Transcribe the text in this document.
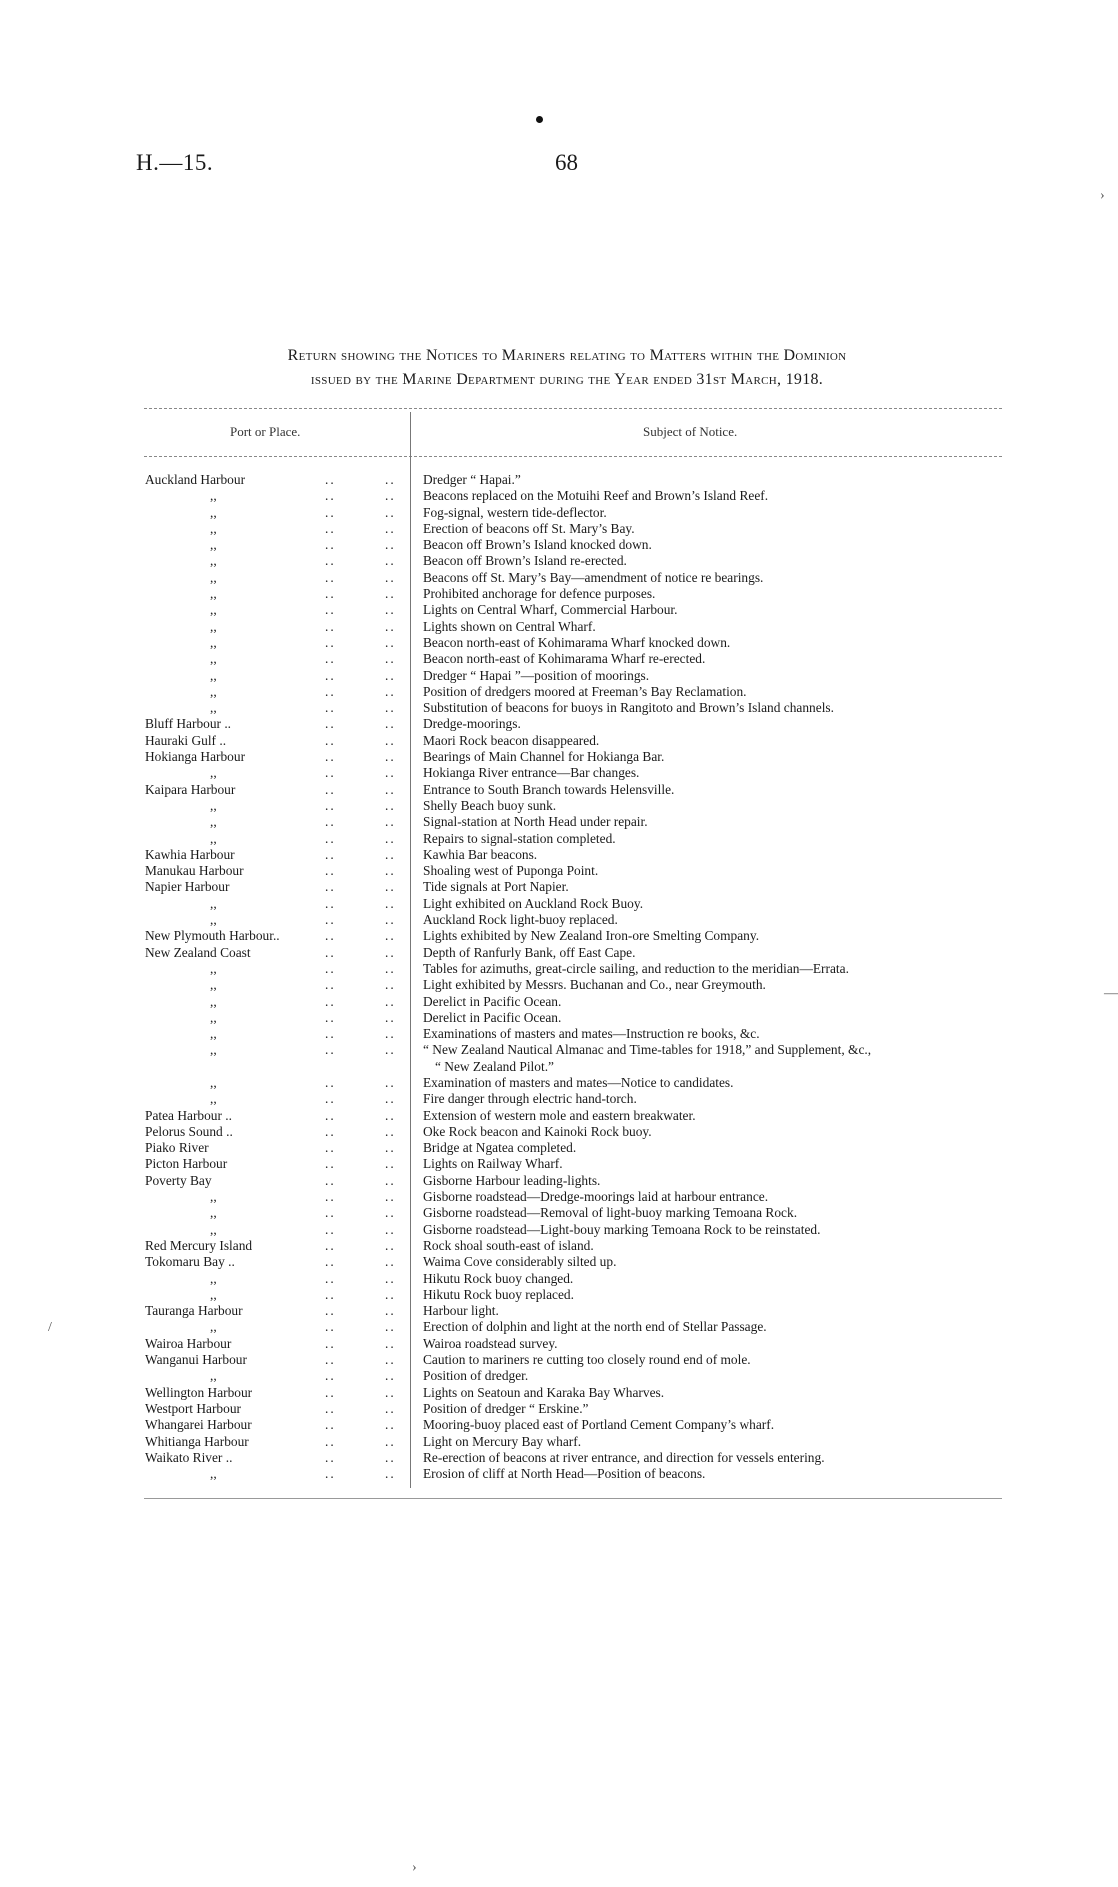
H.—15.	68
Return showing the Notices to Mariners relating to Matters within the Dominion
issued by the Marine Department during the Year ended 31st March, 1918.
Port or Place.	Subject of Notice.
Auckland Harbour	..	.. Dredger “ Hapai.”
,,	..	.. Beacons replaced on the Motuihi Reef and Brown’s Island Reef.
,,	..	.. Fog-signal, western tide-deflector.
,,	..	.. Erection of beacons off St. Mary’s Bay.
,,	..	.. Beacon off Brown’s Island knocked down.
,,	..	.. Beacon off Brown’s Island re-erected.
,,	..	.. Beacons off St. Mary’s Bay—amendment of notice re bearings.
,,	..	.. Prohibited anchorage for defence purposes.
,,	..	.. Lights on Central Wharf, Commercial Harbour.
,,	..	.. Lights shown on Central Wharf.
,,	..	.. Beacon north-east of Kohimarama Wharf knocked down.
,,	..	.. Beacon north-east of Kohimarama Wharf re-erected.
,,	..	.. Dredger “ Hapai ”—position of moorings.
,,	..	.. Position of dredgers moored at Freeman’s Bay Reclamation.
,,	..	.. Substitution of beacons for buoys in Rangitoto and Brown’s Island channels.
Bluff Harbour ..	..	.. Dredge-moorings.
Hauraki Gulf ..	..	.. Maori Rock beacon disappeared.
Hokianga Harbour	..	.. Bearings of Main Channel for Hokianga Bar.
,,	..	.. Hokianga River entrance—Bar changes.
Kaipara Harbour	..	.. Entrance to South Branch towards Helensville.
,,	..	.. Shelly Beach buoy sunk.
,,	..	.. Signal-station at North Head under repair.
,,	..	.. Repairs to signal-station completed.
Kawhia Harbour	..	.. Kawhia Bar beacons.
Manukau Harbour	..	.. Shoaling west of Puponga Point.
Napier Harbour	..	.. Tide signals at Port Napier.
,,	..	.. Light exhibited on Auckland Rock Buoy.
,,	..	.. Auckland Rock light-buoy replaced.
New Plymouth Harbour..	..	.. Lights exhibited by New Zealand Iron-ore Smelting Company.
New Zealand Coast	..	.. Depth of Ranfurly Bank, off East Cape.
,,	..	.. Tables for azimuths, great-circle sailing, and reduction to the meridian—Errata.
,,	..	.. Light exhibited by Messrs. Buchanan and Co., near Greymouth.
,,	..	.. Derelict in Pacific Ocean.
,,	..	.. Derelict in Pacific Ocean.
,,	..	.. Examinations of masters and mates—Instruction re books, &c.
,,	..	.. “ New Zealand Nautical Almanac and Time-tables for 1918,” and Supplement, &c.,
“ New Zealand Pilot.”
,,	..	.. Examination of masters and mates—Notice to candidates.
,,	..	.. Fire danger through electric hand-torch.
Patea Harbour ..	..	.. Extension of western mole and eastern breakwater.
Pelorus Sound ..	..	.. Oke Rock beacon and Kainoki Rock buoy.
Piako River	..	.. Bridge at Ngatea completed.
Picton Harbour	..	.. Lights on Railway Wharf.
Poverty Bay	..	.. Gisborne Harbour leading-lights.
,,	..	.. Gisborne roadstead—Dredge-moorings laid at harbour entrance.
,,	..	.. Gisborne roadstead—Removal of light-buoy marking Temoana Rock.
,,	..	.. Gisborne roadstead—Light-bouy marking Temoana Rock to be reinstated.
Red Mercury Island	..	.. Rock shoal south-east of island.
Tokomaru Bay ..	..	.. Waima Cove considerably silted up.
,,	..	.. Hikutu Rock buoy changed.
,,	..	.. Hikutu Rock buoy replaced.
Tauranga Harbour	..	.. Harbour light.
,,	..	.. Erection of dolphin and light at the north end of Stellar Passage.
Wairoa Harbour	..	.. Wairoa roadstead survey.
Wanganui Harbour	..	.. Caution to mariners re cutting too closely round end of mole.
,,	..	.. Position of dredger.
Wellington Harbour	..	.. Lights on Seatoun and Karaka Bay Wharves.
Westport Harbour	..	.. Position of dredger “ Erskine.”
Whangarei Harbour	..	.. Mooring-buoy placed east of Portland Cement Company’s wharf.
Whitianga Harbour	..	.. Light on Mercury Bay wharf.
Waikato River ..	..	.. Re-erection of beacons at river entrance, and direction for vessels entering.
,,	..	.. Erosion of cliff at North Head—Position of beacons.
›
—
/
›
